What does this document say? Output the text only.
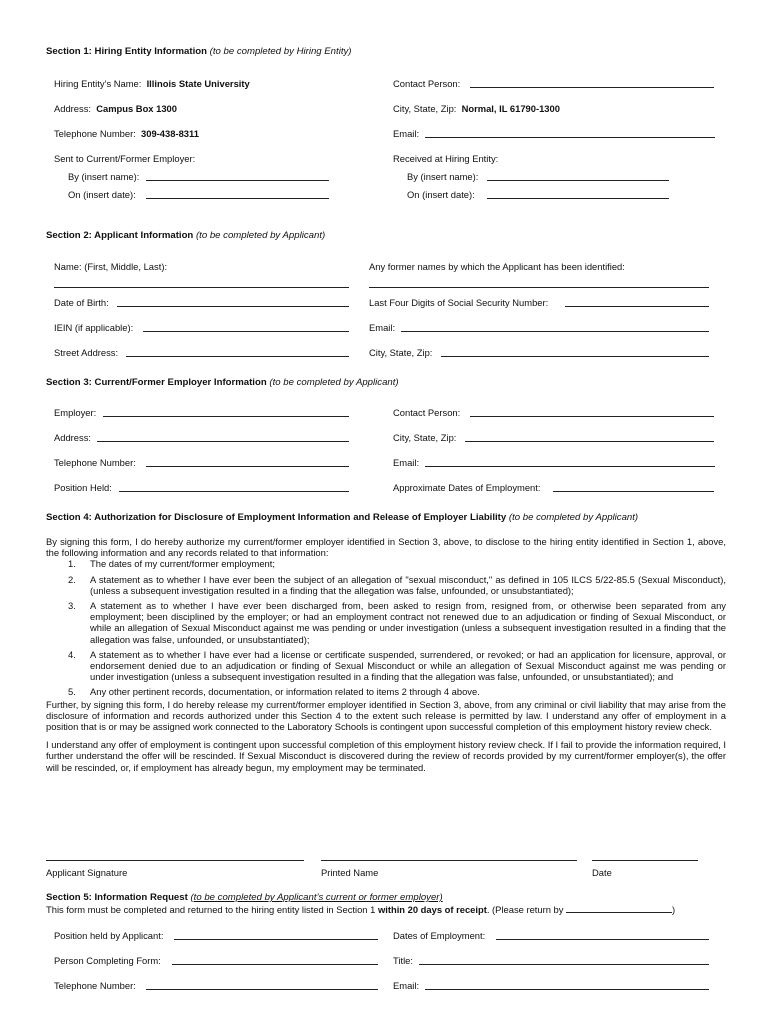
Section 1: Hiring Entity Information (to be completed by Hiring Entity)
Hiring Entity’s Name: Illinois State University	Contact Person:
Address: Campus Box 1300	City, State, Zip: Normal, IL 61790-1300
Telephone Number: 309-438-8311	Email:
Sent to Current/Former Employer:	Received at Hiring Entity:
By (insert name):	By (insert name):
On (insert date):	On (insert date):
Section 2: Applicant Information (to be completed by Applicant)
Name: (First, Middle, Last):	Any former names by which the Applicant has been identified:
Date of Birth:	Last Four Digits of Social Security Number:
IEIN (if applicable):	Email:
Street Address:	City, State, Zip:
Section 3: Current/Former Employer Information (to be completed by Applicant)
Employer:	Contact Person:
Address:	City, State, Zip:
Telephone Number:	Email:
Position Held:	Approximate Dates of Employment:
Section 4: Authorization for Disclosure of Employment Information and Release of Employer Liability (to be completed by Applicant)
By signing this form, I do hereby authorize my current/former employer identified in Section 3, above, to disclose to the hiring entity identified in Section 1, above, the following information and any records related to that information:
1. The dates of my current/former employment;
2. A statement as to whether I have ever been the subject of an allegation of "sexual misconduct," as defined in 105 ILCS 5/22-85.5 (Sexual Misconduct), (unless a subsequent investigation resulted in a finding that the allegation was false, unfounded, or unsubstantiated);
3. A statement as to whether I have ever been discharged from, been asked to resign from, resigned from, or otherwise been separated from any employment; been disciplined by the employer; or had an employment contract not renewed due to an adjudication or finding of Sexual Misconduct, or while an allegation of Sexual Misconduct against me was pending or under investigation (unless a subsequent investigation resulted in a finding that the allegation was false, unfounded, or unsubstantiated);
4. A statement as to whether I have ever had a license or certificate suspended, surrendered, or revoked; or had an application for licensure, approval, or endorsement denied due to an adjudication or finding of Sexual Misconduct or while an allegation of Sexual Misconduct against me was pending or under investigation (unless a subsequent investigation resulted in a finding that the allegation was false, unfounded, or unsubstantiated); and
5. Any other pertinent records, documentation, or information related to items 2 through 4 above.
Further, by signing this form, I do hereby release my current/former employer identified in Section 3, above, from any criminal or civil liability that may arise from the disclosure of information and records authorized under this Section 4 to the extent such release is permitted by law. I understand any offer of employment in a position that is or may be assigned work connected to the Laboratory Schools is contingent upon successful completion of this employment history review check.
I understand any offer of employment is contingent upon successful completion of this employment history review check. If I fail to provide the information required, I further understand the offer will be rescinded. If Sexual Misconduct is discovered during the review of records provided by my current/former employer(s), the offer will be rescinded, or, if employment has already begun, my employment may be terminated.
Applicant Signature	Printed Name	Date
Section 5: Information Request (to be completed by Applicant’s current or former employer)
This form must be completed and returned to the hiring entity listed in Section 1 within 20 days of receipt. (Please return by	)
Position held by Applicant:	Dates of Employment:
Person Completing Form:	Title:
Telephone Number:	Email:
